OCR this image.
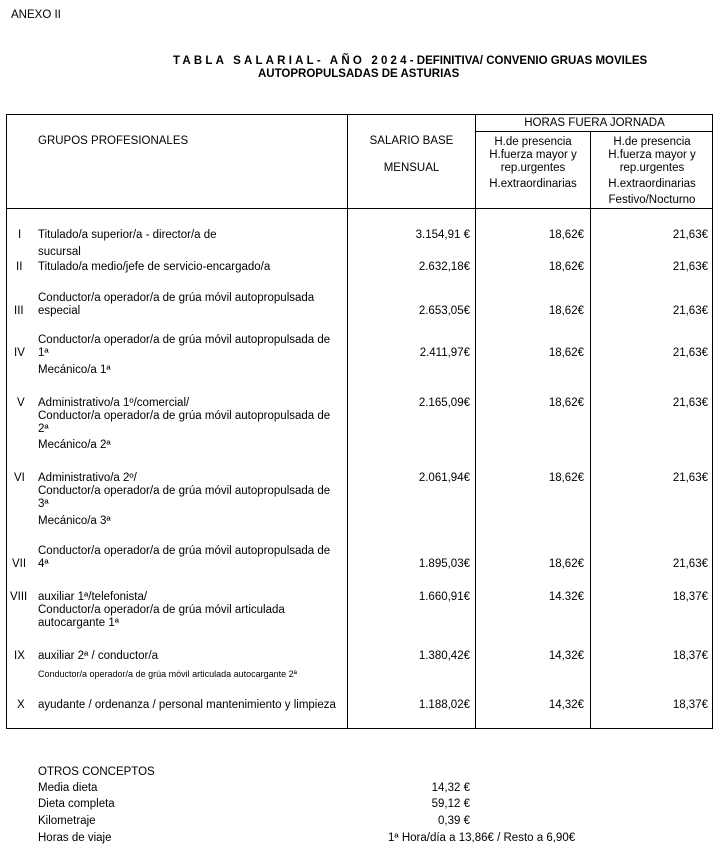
ANEXO II
TABLA SALARIAL- AÑO 2024- DEFINITIVA/ CONVENIO GRUAS MOVILES
AUTOPROPULSADAS DE ASTURIAS
GRUPOS PROFESIONALES	SALARIO BASE
MENSUAL
HORAS FUERA JORNADA
H.de presencia
H.fuerza mayor y
rep.urgentes
H.extraordinarias
H.de presencia
H.fuerza mayor y
rep.urgentes
H.extraordinarias
Festivo/Nocturno
I Titulado/a superior/a - director/a de
sucursal
3.154,91 €	18,62€	21,63€
II Titulado/a medio/jefe de servicio-encargado/a	2.632,18€	18,62€	21,63€
III
Conductor/a operador/a de grúa móvil autopropulsada
especial	2.653,05€	18,62€	21,63€
IV
Conductor/a operador/a de grúa móvil autopropulsada de
1ª
Mecánico/a 1ª
2.411,97€	18,62€	21,63€
V Administrativo/a 1º/comercial/
Conductor/a operador/a de grúa móvil autopropulsada de
2ª
Mecánico/a 2ª
2.165,09€	18,62€	21,63€
VI Administrativo/a 2º/
Conductor/a operador/a de grúa móvil autopropulsada de
3ª
Mecánico/a 3ª
2.061,94€	18,62€	21,63€
VII
Conductor/a operador/a de grúa móvil autopropulsada de
4ª	1.895,03€	18,62€	21,63€
VIII auxiliar 1ª/telefonista/
Conductor/a operador/a de grúa móvil articulada
autocargante 1ª
1.660,91€	14.32€	18,37€
IX auxiliar 2ª / conductor/a
Conductor/a operador/a de grúa móvil articulada autocargante 2ª
1.380,42€	14,32€	18,37€
X ayudante / ordenanza / personal mantenimiento y limpieza	1.188,02€	14,32€	18,37€
OTROS CONCEPTOS
Media dieta	14,32 €
Dieta completa	59,12 €
Kilometraje	0,39 €
Horas de viaje	1ª Hora/día a 13,86€ / Resto a 6,90€
